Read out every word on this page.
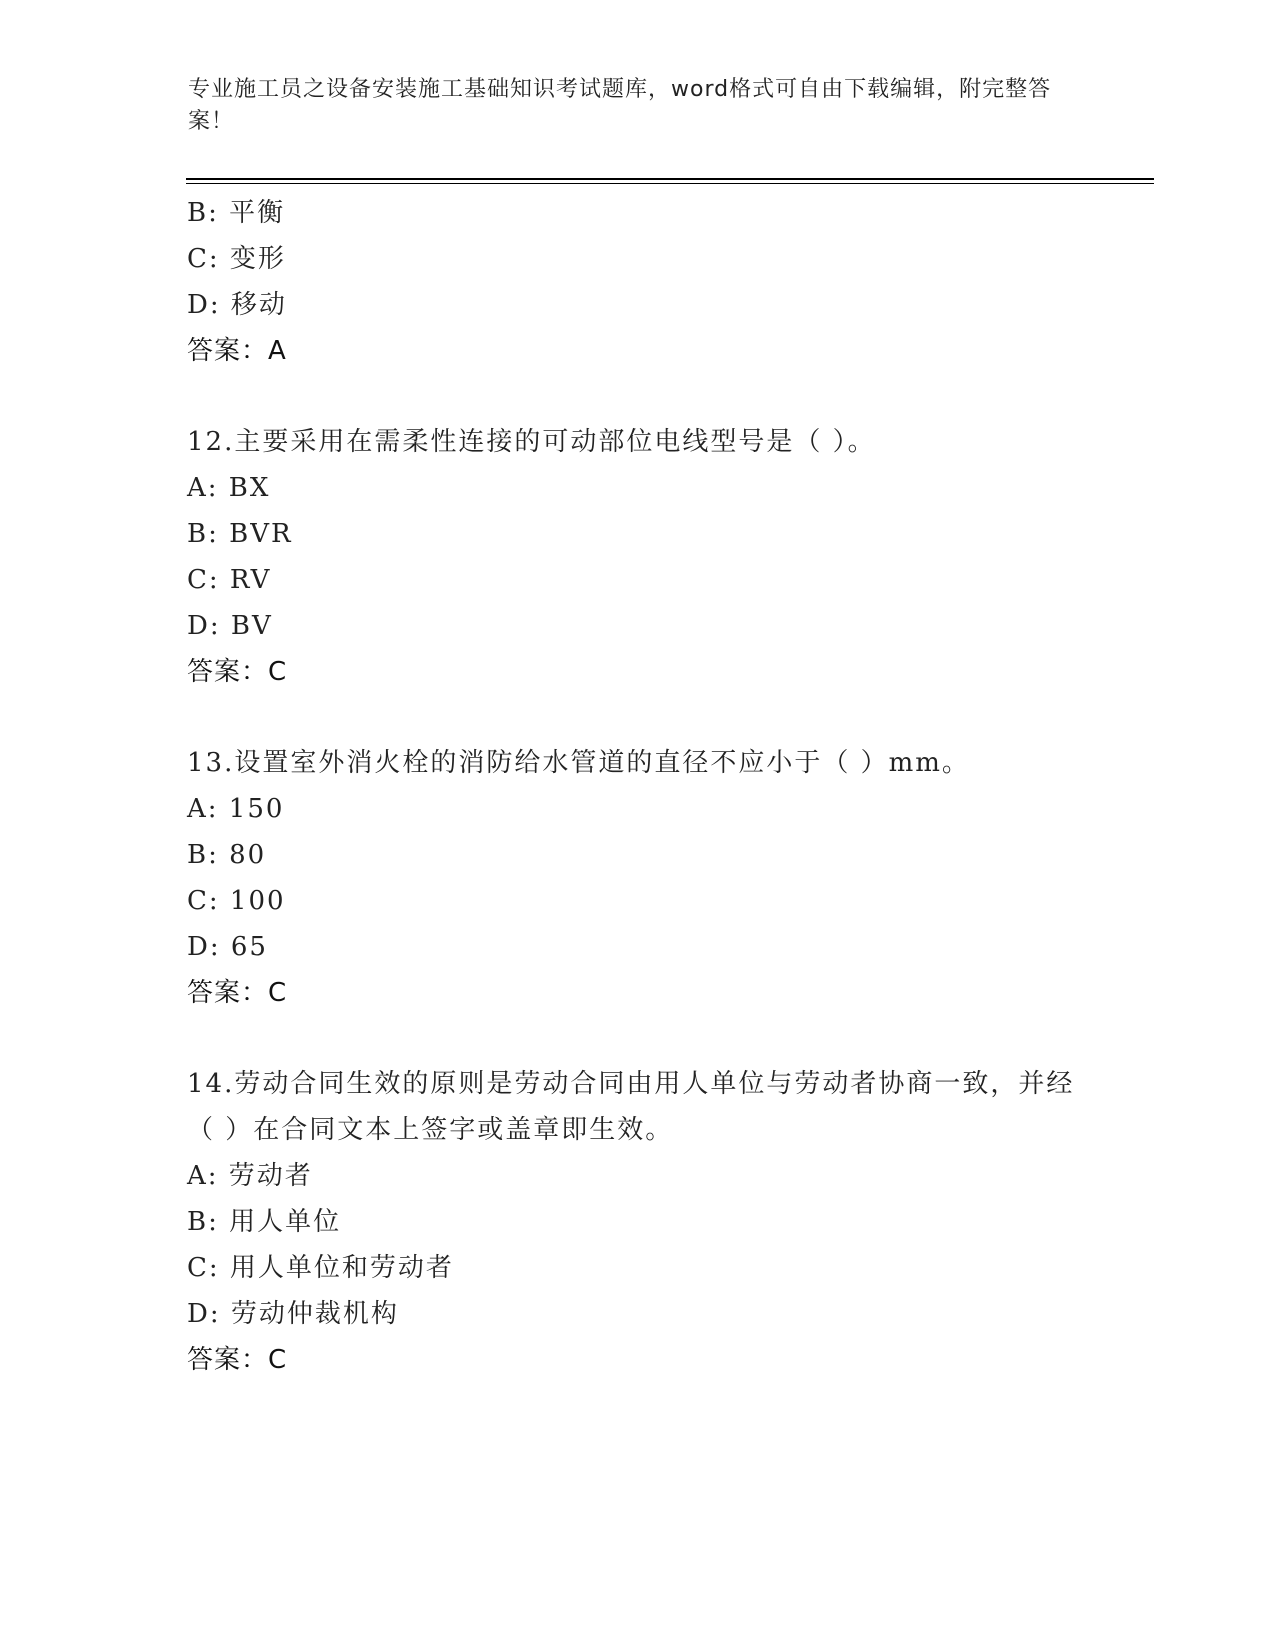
专业施工员之设备安装施工基础知识考试题库，word格式可自由下载编辑，附完整答案！
B: 平衡
C: 变形
D: 移动
答案：A
12.主要采用在需柔性连接的可动部位电线型号是（ ）。
A: BX
B: BVR
C: RV
D: BV
答案：C
13.设置室外消火栓的消防给水管道的直径不应小于（ ）mm。
A: 150
B: 80
C: 100
D: 65
答案：C
14.劳动合同生效的原则是劳动合同由用人单位与劳动者协商一致，并经（ ）在合同文本上签字或盖章即生效。
A: 劳动者
B: 用人单位
C: 用人单位和劳动者
D: 劳动仲裁机构
答案：C
